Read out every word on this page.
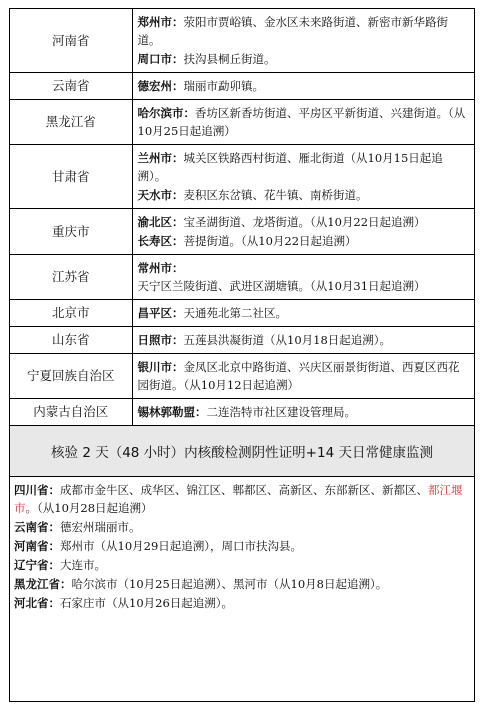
河南省	郑州市：荥阳市贾峪镇、金水区未来路街道、新密市新华路街道。
周口市：扶沟县桐丘街道。

云南省	德宏州：瑞丽市勐卯镇。

黑龙江省	哈尔滨市：香坊区新香坊街道、平房区平新街道、兴建街道。（从10月25日起追溯）

甘肃省	兰州市：城关区铁路西村街道、雁北街道（从10月15日起追溯）。
天水市：麦积区东岔镇、花牛镇、南桥街道。

重庆市	渝北区：宝圣湖街道、龙塔街道。（从10月22日起追溯）
长寿区：菩提街道。（从10月22日起追溯）

江苏省	常州市：天宁区兰陵街道、武进区湖塘镇。（从10月31日起追溯）

北京市	昌平区：天通苑北第二社区。

山东省	日照市：五莲县洪凝街道（从10月18日起追溯）。

宁夏回族自治区	银川市：金凤区北京中路街道、兴庆区丽景街街道、西夏区西花园街道。（从10月12日起追溯）

内蒙古自治区	锡林郭勒盟：二连浩特市社区建设管理局。
核验 2 天（48 小时）内核酸检测阴性证明+14 天日常健康监测
四川省：成都市金牛区、成华区、锦江区、郫都区、高新区、东部新区、新都区、都江堰市。（从10月28日起追溯）
云南省：德宏州瑞丽市。
河南省：郑州市（从10月29日起追溯），周口市扶沟县。
辽宁省：大连市。
黑龙江省：哈尔滨市（10月25日起追溯）、黑河市（从10月8日起追溯）。
河北省：石家庄市（从10月26日起追溯）。
